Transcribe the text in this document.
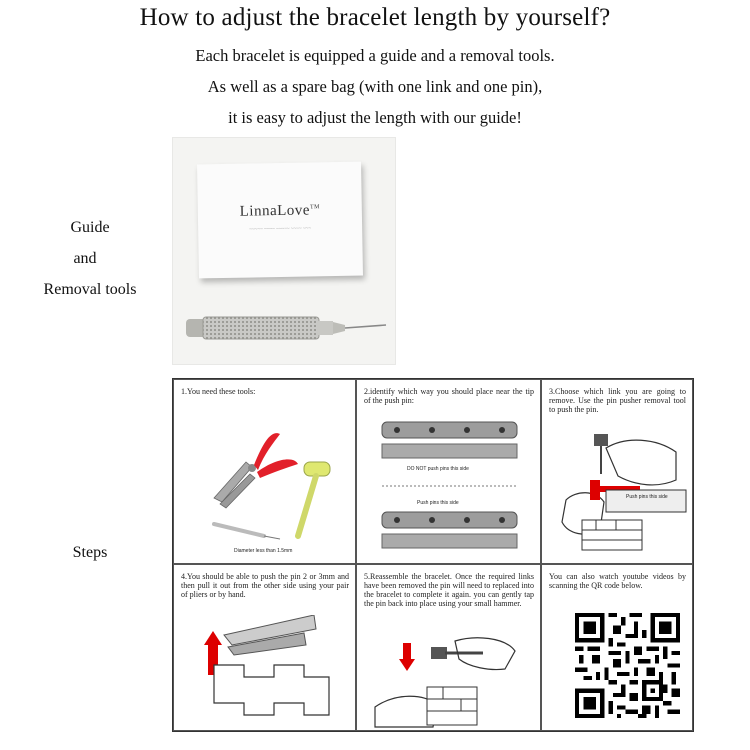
How to adjust the bracelet length by yourself?
Each bracelet is equipped a guide and a removal tools.
As well as a spare bag (with one link and one pin),
it is easy to adjust the length with our guide!
Guide
and
Removal tools
LinnaLove™
~~~~~ ~~~~ ~~~~~ ~~~~ ~~~
Steps
1.You need these tools:
Diameter less than 1.5mm
2.identify which way you should place near the tip of the push pin:
DO NOT push pins this side
Push pins this side
3.Choose which link you are going to remove. Use the pin pusher removal tool to push the pin.
Push pins this side
4.You should be able to push the pin 2 or 3mm and then pull it out from the other side using your pair of pliers or by hand.
5.Reassemble the bracelet. Once the required links have been removed the pin will need to replaced into the bracelet to complete it again. you can gently tap the pin back into place using your small hammer.
You can also watch youtube videos by scanning the QR code below.
